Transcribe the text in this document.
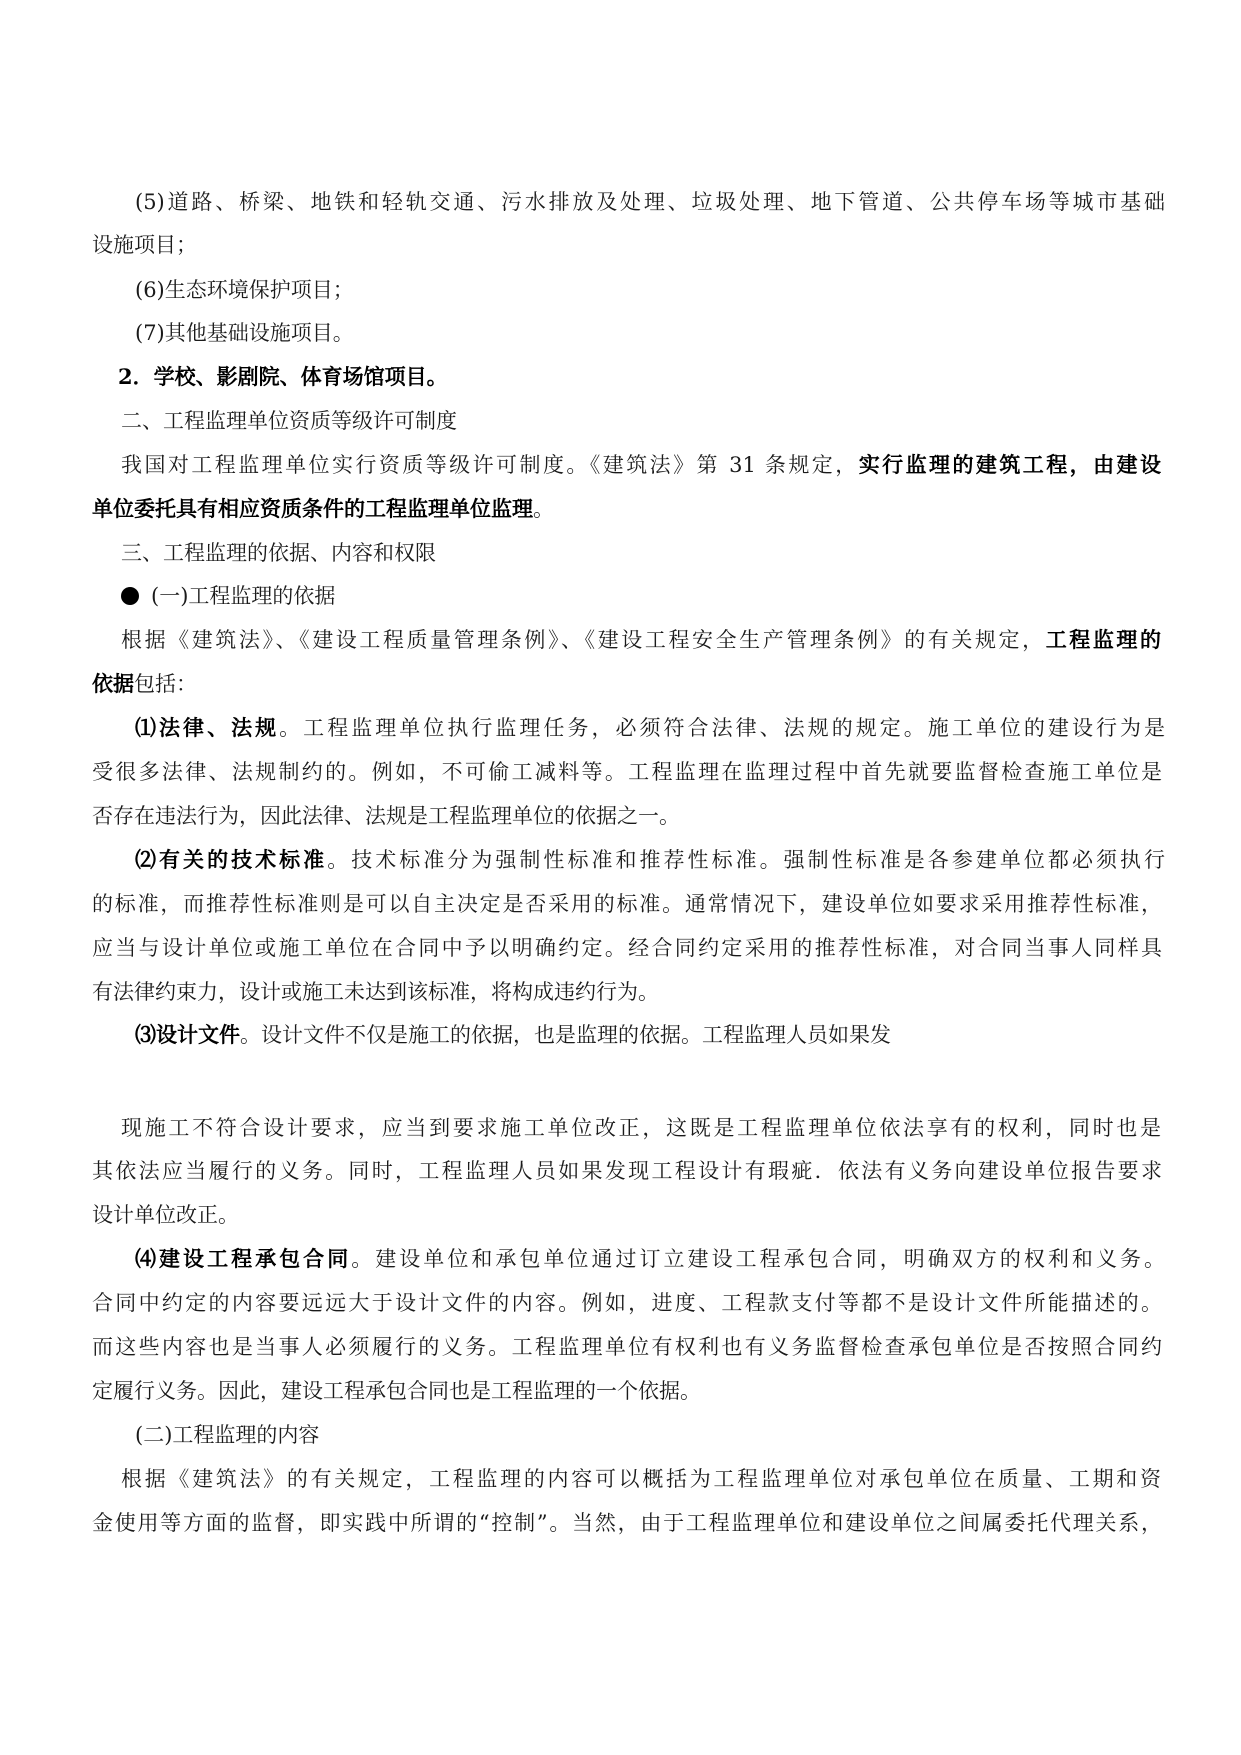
(5)道路、桥梁、地铁和轻轨交通、污水排放及处理、垃圾处理、地下管道、公共停车场等城市基础
设施项目；
(6)生态环境保护项目；
(7)其他基础设施项目。
2．学校、影剧院、体育场馆项目。
二、工程监理单位资质等级许可制度
我国对工程监理单位实行资质等级许可制度。《建筑法》第 31 条规定，实行监理的建筑工程，由建设
单位委托具有相应资质条件的工程监理单位监理。
三、工程监理的依据、内容和权限
(一)工程监理的依据
根据《建筑法》、《建设工程质量管理条例》、《建设工程安全生产管理条例》的有关规定，工程监理的
依据包括：
⑴法律、法规。工程监理单位执行监理任务，必须符合法律、法规的规定。施工单位的建设行为是
受很多法律、法规制约的。例如，不可偷工减料等。工程监理在监理过程中首先就要监督检查施工单位是
否存在违法行为，因此法律、法规是工程监理单位的依据之一。
⑵有关的技术标准。技术标准分为强制性标准和推荐性标准。强制性标准是各参建单位都必须执行
的标准，而推荐性标准则是可以自主决定是否采用的标准。通常情况下，建设单位如要求采用推荐性标准，
应当与设计单位或施工单位在合同中予以明确约定。经合同约定采用的推荐性标准，对合同当事人同样具
有法律约束力，设计或施工未达到该标准，将构成违约行为。
⑶设计文件。设计文件不仅是施工的依据，也是监理的依据。工程监理人员如果发
现施工不符合设计要求，应当到要求施工单位改正，这既是工程监理单位依法享有的权利，同时也是
其依法应当履行的义务。同时，工程监理人员如果发现工程设计有瑕疵．依法有义务向建设单位报告要求
设计单位改正。
⑷建设工程承包合同。建设单位和承包单位通过订立建设工程承包合同，明确双方的权利和义务。
合同中约定的内容要远远大于设计文件的内容。例如，进度、工程款支付等都不是设计文件所能描述的。
而这些内容也是当事人必须履行的义务。工程监理单位有权利也有义务监督检查承包单位是否按照合同约
定履行义务。因此，建设工程承包合同也是工程监理的一个依据。
(二)工程监理的内容
根据《建筑法》的有关规定，工程监理的内容可以概括为工程监理单位对承包单位在质量、工期和资
金使用等方面的监督，即实践中所谓的“控制”。当然，由于工程监理单位和建设单位之间属委托代理关系，
